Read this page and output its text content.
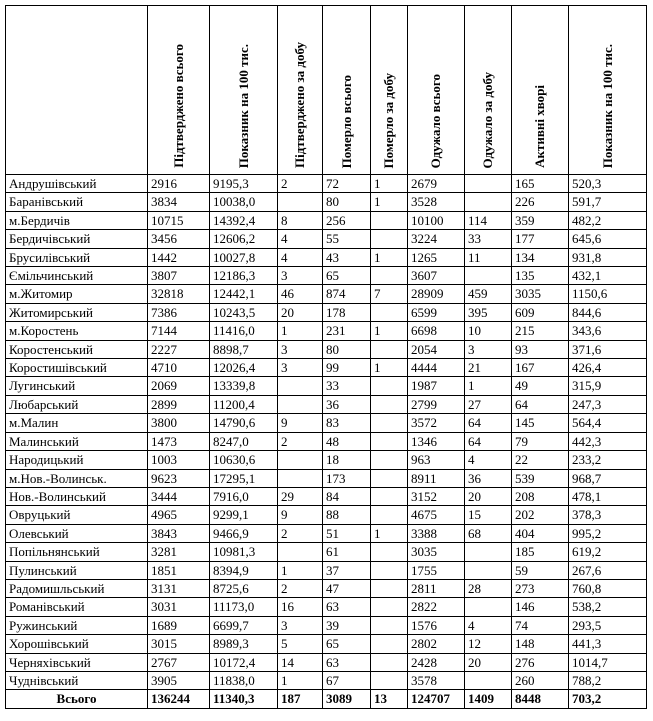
	Підтверджено всього	Показник на 100 тис.	Підтверджено за добу	Померло всього	Померло за добу	Одужало всього	Одужало за добу	Активні хворі	Показник на 100 тис.

Андрушівський	2916	9195,3	2	72	1	2679		165	520,3
Баранівський	3834	10038,0		80	1	3528		226	591,7
м.Бердичів	10715	14392,4	8	256		10100	114	359	482,2
Бердичівський	3456	12606,2	4	55		3224	33	177	645,6
Брусилівський	1442	10027,8	4	43	1	1265	11	134	931,8
Ємільчинський	3807	12186,3	3	65		3607		135	432,1
м.Житомир	32818	12442,1	46	874	7	28909	459	3035	1150,6
Житомирський	7386	10243,5	20	178		6599	395	609	844,6
м.Коростень	7144	11416,0	1	231	1	6698	10	215	343,6
Коростенський	2227	8898,7	3	80		2054	3	93	371,6
Коростишівський	4710	12026,4	3	99	1	4444	21	167	426,4
Лугинський	2069	13339,8		33		1987	1	49	315,9
Любарський	2899	11200,4		36		2799	27	64	247,3
м.Малин	3800	14790,6	9	83		3572	64	145	564,4
Малинський	1473	8247,0	2	48		1346	64	79	442,3
Народицький	1003	10630,6		18		963	4	22	233,2
м.Нов.-Волинськ.	9623	17295,1		173		8911	36	539	968,7
Нов.-Волинський	3444	7916,0	29	84		3152	20	208	478,1
Овруцький	4965	9299,1	9	88		4675	15	202	378,3
Олевський	3843	9466,9	2	51	1	3388	68	404	995,2
Попільнянський	3281	10981,3		61		3035		185	619,2
Пулинський	1851	8394,9	1	37		1755		59	267,6
Радомишльський	3131	8725,6	2	47		2811	28	273	760,8
Романівський	3031	11173,0	16	63		2822		146	538,2
Ружинський	1689	6699,7	3	39		1576	4	74	293,5
Хорошівський	3015	8989,3	5	65		2802	12	148	441,3
Черняхівський	2767	10172,4	14	63		2428	20	276	1014,7
Чуднівський	3905	11838,0	1	67		3578		260	788,2
Всього	136244	11340,3	187	3089	13	124707	1409	8448	703,2
